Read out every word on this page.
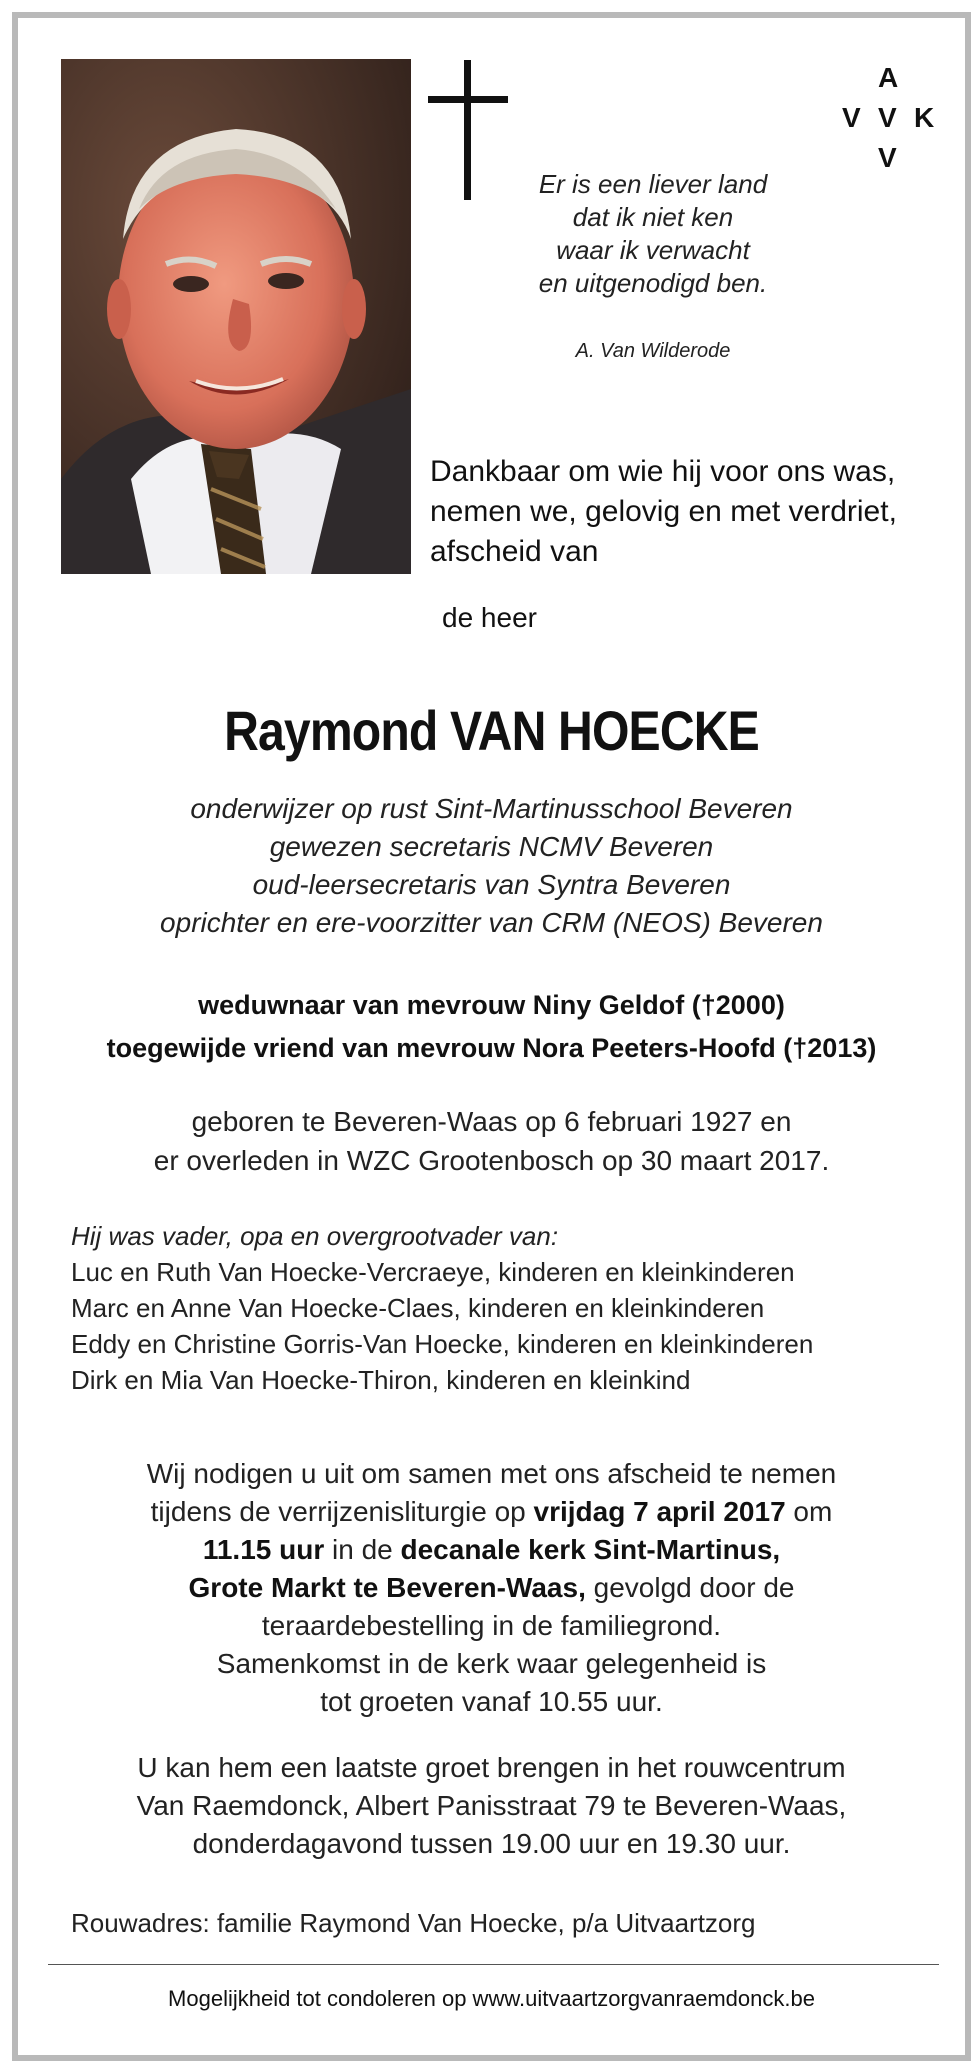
A
V V K
V
Er is een liever land
dat ik niet ken
waar ik verwacht
en uitgenodigd ben.
A. Van Wilderode
Dankbaar om wie hij voor ons was,
nemen we, gelovig en met verdriet,
afscheid van
de heer
Raymond VAN HOECKE
onderwijzer op rust Sint-Martinusschool Beveren
gewezen secretaris NCMV Beveren
oud-leersecretaris van Syntra Beveren
oprichter en ere-voorzitter van CRM (NEOS) Beveren
weduwnaar van mevrouw Niny Geldof (†2000)
toegewijde vriend van mevrouw Nora Peeters-Hoofd (†2013)
geboren te Beveren-Waas op 6 februari 1927 en
er overleden in WZC Grootenbosch op 30 maart 2017.
Hij was vader, opa en overgrootvader van:
Luc en Ruth Van Hoecke-Vercraeye, kinderen en kleinkinderen
Marc en Anne Van Hoecke-Claes, kinderen en kleinkinderen
Eddy en Christine Gorris-Van Hoecke, kinderen en kleinkinderen
Dirk en Mia Van Hoecke-Thiron, kinderen en kleinkind
Wij nodigen u uit om samen met ons afscheid te nemen
tijdens de verrijzenisliturgie op vrijdag 7 april 2017 om
11.15 uur in de decanale kerk Sint-Martinus,
Grote Markt te Beveren-Waas, gevolgd door de
teraardebestelling in de familiegrond.
Samenkomst in de kerk waar gelegenheid is
tot groeten vanaf 10.55 uur.
U kan hem een laatste groet brengen in het rouwcentrum
Van Raemdonck, Albert Panisstraat 79 te Beveren-Waas,
donderdagavond tussen 19.00 uur en 19.30 uur.
Rouwadres: familie Raymond Van Hoecke, p/a Uitvaartzorg
Mogelijkheid tot condoleren op www.uitvaartzorgvanraemdonck.be
